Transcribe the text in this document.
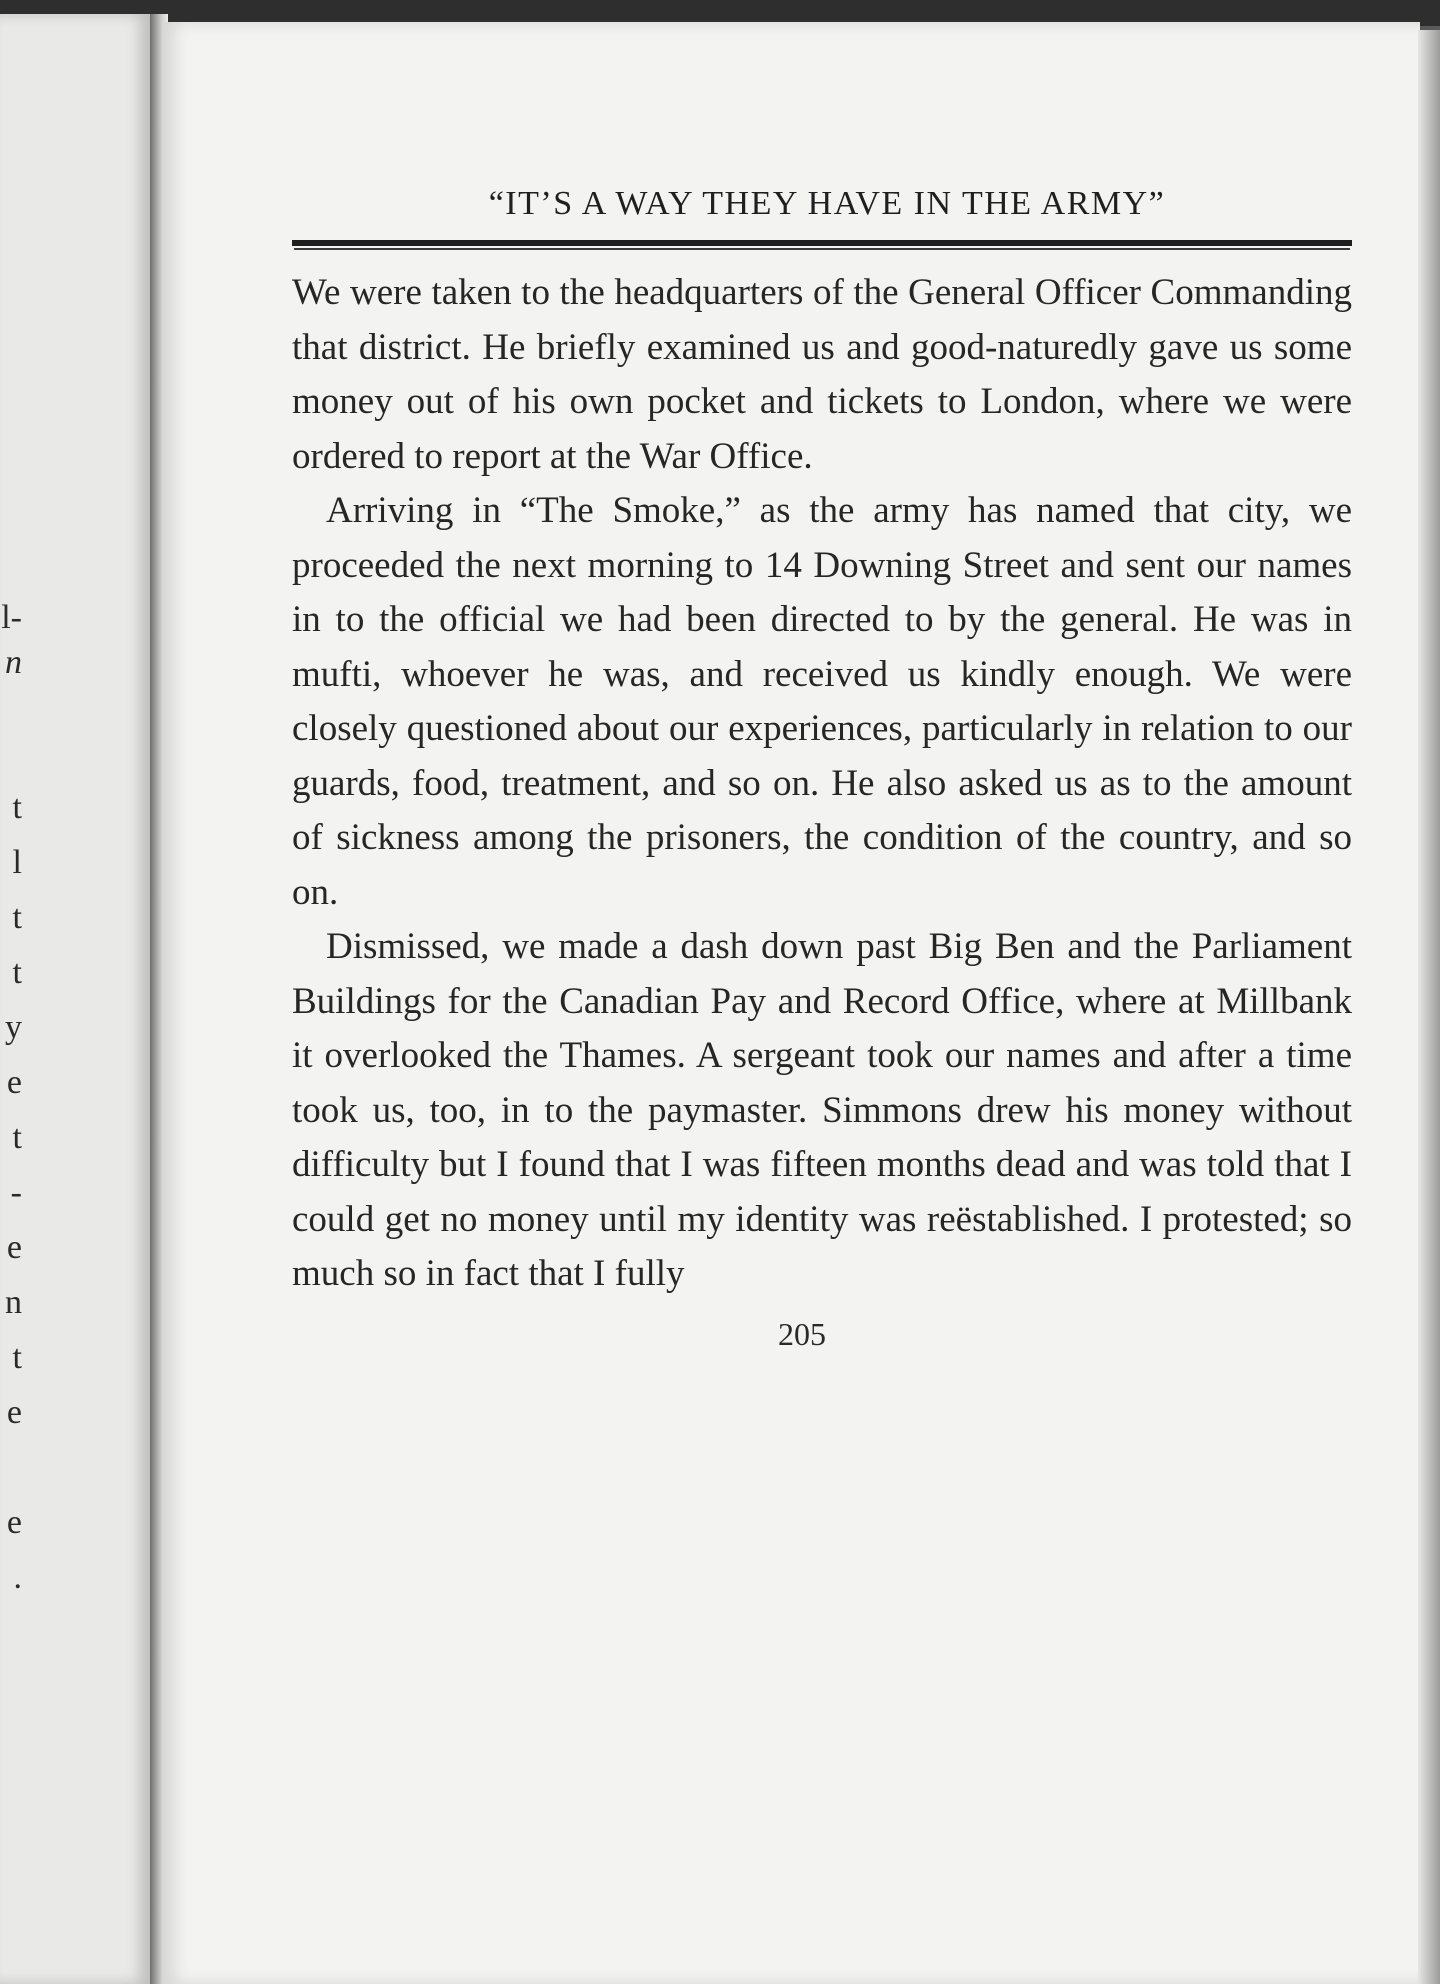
l-
n
t
l
t
t
y
e
t
-
e
n
t
e
e
.
“IT’S A WAY THEY HAVE IN THE ARMY”

We were taken to the headquarters of the General Officer Commanding that district. He briefly examined us and good-naturedly gave us some money out of his own pocket and tickets to London, where we were ordered to report at the War Office.

Arriving in “The Smoke,” as the army has named that city, we proceeded the next morning to 14 Downing Street and sent our names in to the official we had been directed to by the general. He was in mufti, whoever he was, and received us kindly enough. We were closely questioned about our experiences, particularly in relation to our guards, food, treatment, and so on. He also asked us as to the amount of sickness among the prisoners, the condition of the country, and so on.

Dismissed, we made a dash down past Big Ben and the Parliament Buildings for the Canadian Pay and Record Office, where at Millbank it overlooked the Thames. A sergeant took our names and after a time took us, too, in to the paymaster. Simmons drew his money without difficulty but I found that I was fifteen months dead and was told that I could get no money until my identity was reëstablished. I protested; so much so in fact that I fully

205
